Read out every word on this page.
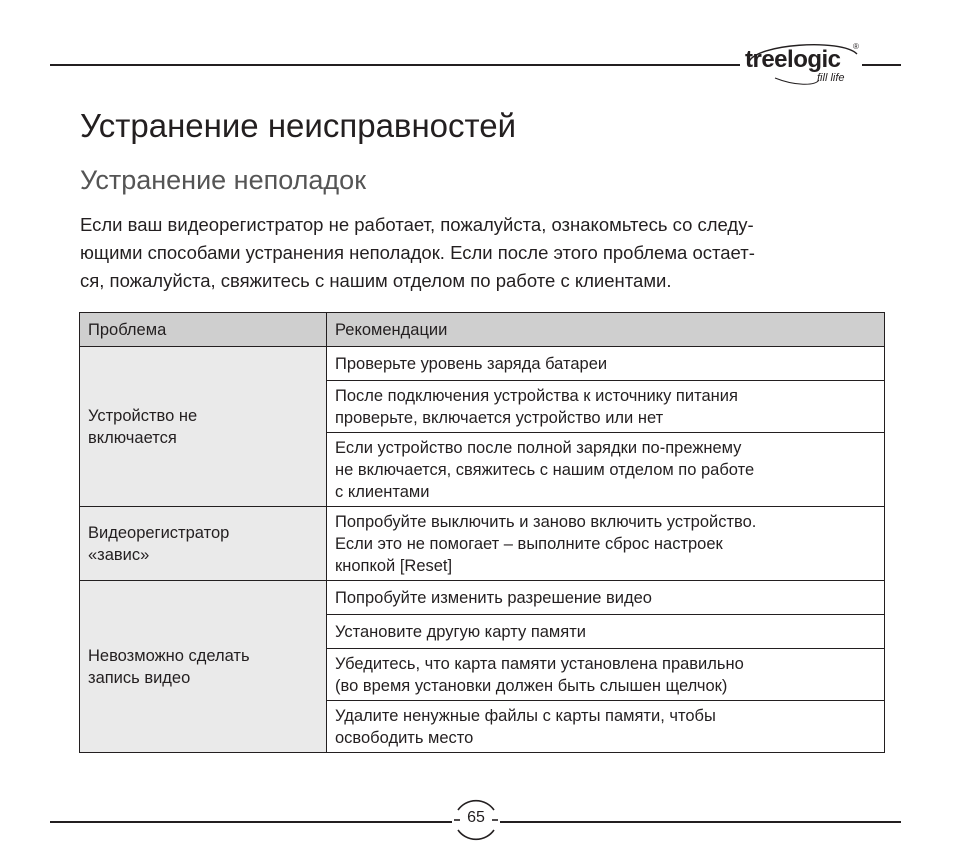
treelogic ®
fill life
Устранение неисправностей
Устранение неполадок

Если ваш видеорегистратор не работает, пожалуйста, ознакомьтесь со следу-
ющими способами устранения неполадок. Если после этого проблема остает-
ся, пожалуйста, свяжитесь с нашим отделом по работе с клиентами.

Проблема	Рекомендации

Устройство не
включается	Проверьте уровень заряда батареи

	После подключения устройства к источнику питания
проверьте, включается устройство или нет

	Если устройство после полной зарядки по-прежнему
не включается, свяжитесь с нашим отделом по работе
с клиентами

Видеорегистратор
«завис»	Попробуйте выключить и заново включить устройство.
Если это не помогает – выполните сброс настроек
кнопкой [Reset]

Невозможно сделать
запись видео	Попробуйте изменить разрешение видео

	Установите другую карту памяти

	Убедитесь, что карта памяти установлена правильно
(во время установки должен быть слышен щелчок)

	Удалите ненужные файлы с карты памяти, чтобы
освободить место
65
